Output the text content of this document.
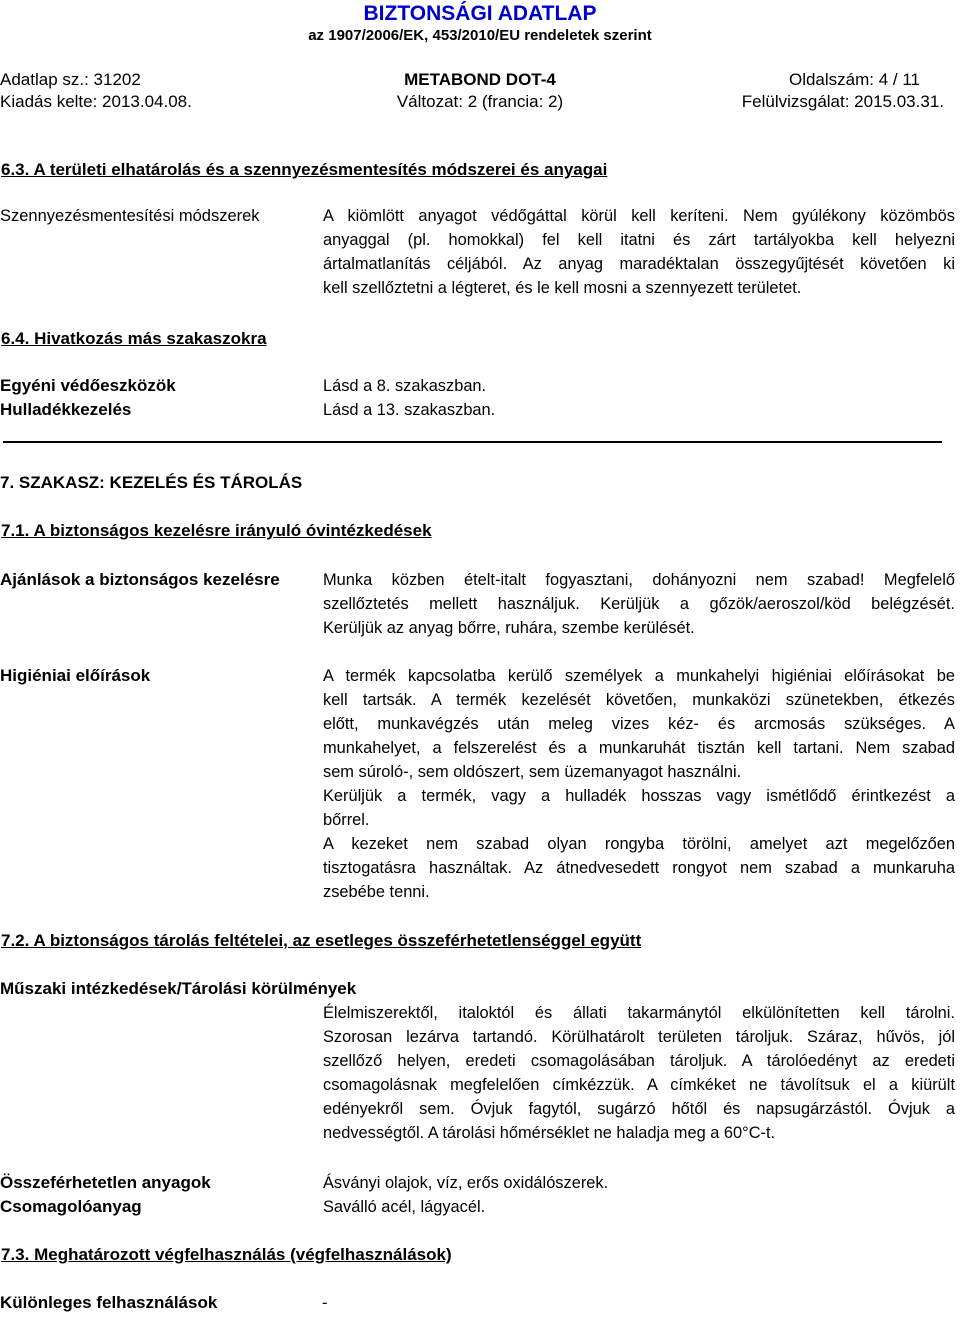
BIZTONSÁGI ADATLAP
az 1907/2006/EK, 453/2010/EU rendeletek szerint
Adatlap sz.: 31202	METABOND DOT-4	Oldalszám: 4 / 11
Kiadás kelte: 2013.04.08.	Változat: 2 (francia: 2)	Felülvizsgálat: 2015.03.31.
6.3. A területi elhatárolás és a szennyezésmentesítés módszerei és anyagai
Szennyezésmentesítési módszerek	A kiömlött anyagot védőgáttal körül kell keríteni. Nem gyúlékony közömbös
anyaggal (pl. homokkal) fel kell itatni és zárt tartályokba kell helyezni
ártalmatlanítás céljából. Az anyag maradéktalan összegyűjtését követően ki
kell szellőztetni a légteret, és le kell mosni a szennyezett területet.
6.4. Hivatkozás más szakaszokra
Egyéni védőeszközök	Lásd a 8. szakaszban.
Hulladékkezelés	Lásd a 13. szakaszban.
7. SZAKASZ: KEZELÉS ÉS TÁROLÁS
7.1. A biztonságos kezelésre irányuló óvintézkedések
Ajánlások a biztonságos kezelésre	Munka közben ételt-italt fogyasztani, dohányozni nem szabad! Megfelelő
szellőztetés mellett használjuk. Kerüljük a gőzök/aeroszol/köd belégzését.
Kerüljük az anyag bőrre, ruhára, szembe kerülését.
Higiéniai előírások	A termék kapcsolatba kerülő személyek a munkahelyi higiéniai előírásokat be
kell tartsák. A termék kezelését követően, munkaközi szünetekben, étkezés
előtt, munkavégzés után meleg vizes kéz- és arcmosás szükséges. A
munkahelyet, a felszerelést és a munkaruhát tisztán kell tartani. Nem szabad
sem súroló-, sem oldószert, sem üzemanyagot használni.
Kerüljük a termék, vagy a hulladék hosszas vagy ismétlődő érintkezést a
bőrrel.
A kezeket nem szabad olyan rongyba törölni, amelyet azt megelőzően
tisztogatásra használtak. Az átnedvesedett rongyot nem szabad a munkaruha
zsebébe tenni.
7.2. A biztonságos tárolás feltételei, az esetleges összeférhetetlenséggel együtt
Műszaki intézkedések/Tárolási körülmények
Élelmiszerektől, italoktól és állati takarmánytól elkülönítetten kell tárolni.
Szorosan lezárva tartandó. Körülhatárolt területen tároljuk. Száraz, hűvös, jól
szellőző helyen, eredeti csomagolásában tároljuk. A tárolóedényt az eredeti
csomagolásnak megfelelően címkézzük. A címkéket ne távolítsuk el a kiürült
edényekről sem. Óvjuk fagytól, sugárzó hőtől és napsugárzástól. Óvjuk a
nedvességtől. A tárolási hőmérséklet ne haladja meg a 60°C-t.
Összeférhetetlen anyagok	Ásványi olajok, víz, erős oxidálószerek.
Csomagolóanyag	Saválló acél, lágyacél.
7.3. Meghatározott végfelhasználás (végfelhasználások)
Különleges felhasználások	-
